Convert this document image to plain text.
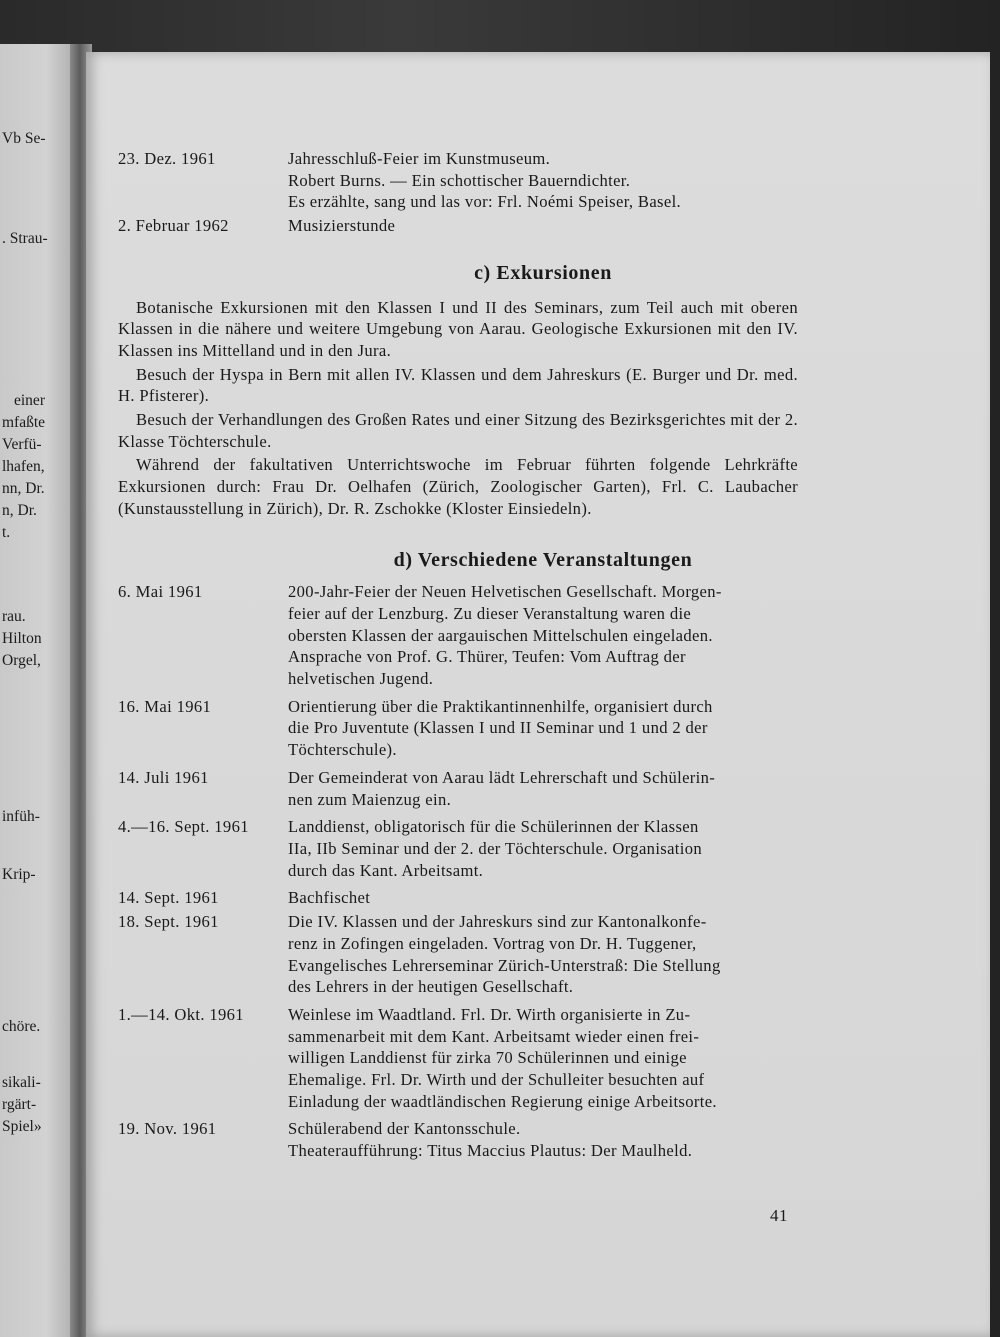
Vb Se-
. Strau-
einer
mfaßte
Verfü-
lhafen,
nn, Dr.
n, Dr.
t.
rau.
Hilton
Orgel,
infüh-
Krip-
chöre.
sikali-
rgärt-
Spiel»
23. Dez. 1961	Jahresschluß-Feier im Kunstmuseum.
Robert Burns. — Ein schottischer Bauerndichter.
Es erzählte, sang und las vor: Frl. Noémi Speiser, Basel.
2. Februar 1962	Musizierstunde
c) Exkursionen

Botanische Exkursionen mit den Klassen I und II des Seminars, zum Teil auch mit oberen Klassen in die nähere und weitere Umgebung von Aarau. Geologische Exkursionen mit den IV. Klassen ins Mittelland und in den Jura.

Besuch der Hyspa in Bern mit allen IV. Klassen und dem Jahreskurs (E. Burger und Dr. med. H. Pfisterer).

Besuch der Verhandlungen des Großen Rates und einer Sitzung des Bezirksgerichtes mit der 2. Klasse Töchterschule.

Während der fakultativen Unterrichtswoche im Februar führten folgende Lehrkräfte Exkursionen durch: Frau Dr. Oelhafen (Zürich, Zoologischer Garten), Frl. C. Laubacher (Kunstausstellung in Zürich), Dr. R. Zschokke (Kloster Einsiedeln).

d) Verschiedene Veranstaltungen
6. Mai 1961	200-Jahr-Feier der Neuen Helvetischen Gesellschaft. Morgen-
feier auf der Lenzburg. Zu dieser Veranstaltung waren die
obersten Klassen der aargauischen Mittelschulen eingeladen.
Ansprache von Prof. G. Thürer, Teufen: Vom Auftrag der
helvetischen Jugend.
16. Mai 1961	Orientierung über die Praktikantinnenhilfe, organisiert durch
die Pro Juventute (Klassen I und II Seminar und 1 und 2 der
Töchterschule).
14. Juli 1961	Der Gemeinderat von Aarau lädt Lehrerschaft und Schülerin-
nen zum Maienzug ein.
4.—16. Sept. 1961	Landdienst, obligatorisch für die Schülerinnen der Klassen
IIa, IIb Seminar und der 2. der Töchterschule. Organisation
durch das Kant. Arbeitsamt.
14. Sept. 1961	Bachfischet
18. Sept. 1961	Die IV. Klassen und der Jahreskurs sind zur Kantonalkonfe-
renz in Zofingen eingeladen. Vortrag von Dr. H. Tuggener,
Evangelisches Lehrerseminar Zürich-Unterstraß: Die Stellung
des Lehrers in der heutigen Gesellschaft.
1.—14. Okt. 1961	Weinlese im Waadtland. Frl. Dr. Wirth organisierte in Zu-
sammenarbeit mit dem Kant. Arbeitsamt wieder einen frei-
willigen Landdienst für zirka 70 Schülerinnen und einige
Ehemalige. Frl. Dr. Wirth und der Schulleiter besuchten auf
Einladung der waadtländischen Regierung einige Arbeitsorte.
19. Nov. 1961	Schülerabend der Kantonsschule.
Theateraufführung: Titus Maccius Plautus: Der Maulheld.
41
